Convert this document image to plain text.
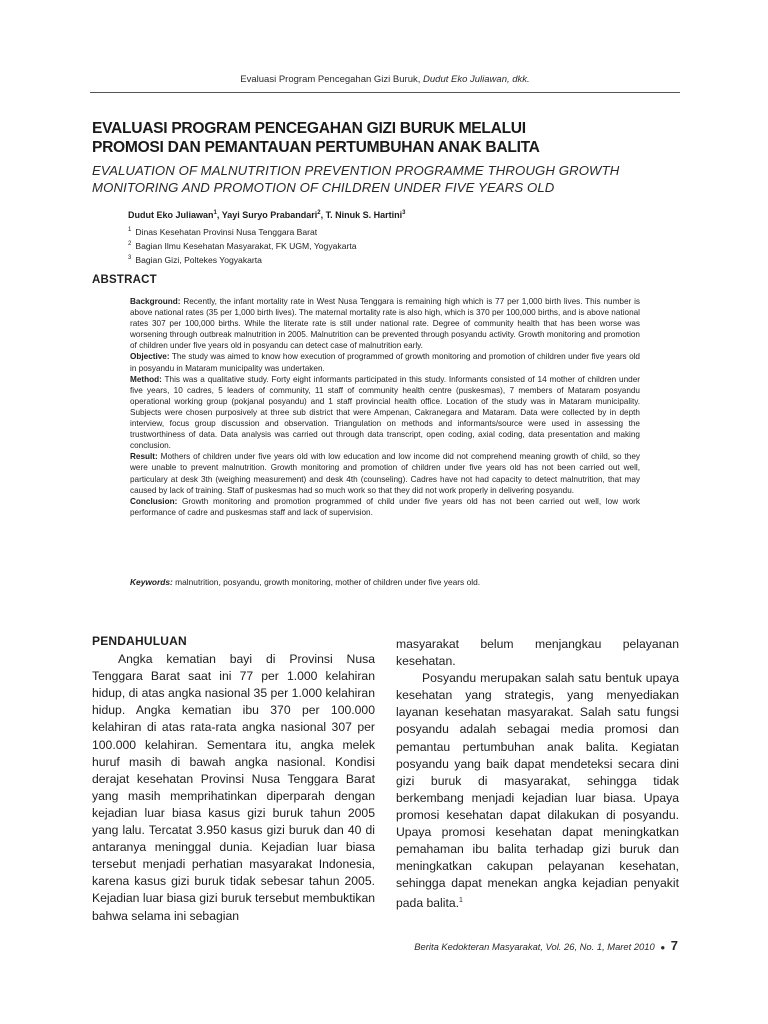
Evaluasi Program Pencegahan Gizi Buruk, Dudut Eko Juliawan, dkk.
EVALUASI PROGRAM PENCEGAHAN GIZI BURUK MELALUI
PROMOSI DAN PEMANTAUAN PERTUMBUHAN ANAK BALITA
EVALUATION OF MALNUTRITION PREVENTION PROGRAMME THROUGH GROWTH
MONITORING AND PROMOTION OF CHILDREN UNDER FIVE YEARS OLD
Dudut Eko Juliawan$^1$, Yayi Suryo Prabandari$^2$, T. Ninuk S. Hartini$^3$
$^1$ Dinas Kesehatan Provinsi Nusa Tenggara Barat
$^2$ Bagian Ilmu Kesehatan Masyarakat, FK UGM, Yogyakarta
$^3$ Bagian Gizi, Poltekes Yogyakarta
ABSTRACT

Background: Recently, the infant mortality rate in West Nusa Tenggara is remaining high which is 77 per 1,000 birth lives. This number is above national rates (35 per 1,000 birth lives). The maternal mortality rate is also high, which is 370 per 100,000 births, and is above national rates 307 per 100,000 births. While the literate rate is still under national rate. Degree of community health that has been worse was worsening through outbreak malnutrition in 2005. Malnutrition can be prevented through posyandu activity. Growth monitoring and promotion of children under five years old in posyandu can detect case of malnutrition early.

Objective: The study was aimed to know how execution of programmed of growth monitoring and promotion of children under five years old in posyandu in Mataram municipality was undertaken.

Method: This was a qualitative study. Forty eight informants participated in this study. Informants consisted of 14 mother of children under five years, 10 cadres, 5 leaders of community, 11 staff of community health centre (puskesmas), 7 members of Mataram posyandu operational working group (pokjanal posyandu) and 1 staff provincial health office. Location of the study was in Mataram municipality. Subjects were chosen purposively at three sub district that were Ampenan, Cakranegara and Mataram. Data were collected by in depth interview, focus group discussion and observation. Triangulation on methods and informants/source were used in assessing the trustworthiness of data. Data analysis was carried out through data transcript, open coding, axial coding, data presentation and making conclusion.

Result: Mothers of children under five years old with low education and low income did not comprehend meaning growth of child, so they were unable to prevent malnutrition. Growth monitoring and promotion of children under five years old has not been carried out well, particulary at desk 3th (weighing measurement) and desk 4th (counseling). Cadres have not had capacity to detect malnutrition, that may caused by lack of training. Staff of puskesmas had so much work so that they did not work properly in delivering posyandu.

Conclusion: Growth monitoring and promotion programmed of child under five years old has not been carried out well, low work performance of cadre and puskesmas staff and lack of supervision.

Keywords: malnutrition, posyandu, growth monitoring, mother of children under five years old.
PENDAHULUAN

Angka kematian bayi di Provinsi Nusa Tenggara Barat saat ini 77 per 1.000 kelahiran hidup, di atas angka nasional 35 per 1.000 kelahiran hidup. Angka kematian ibu 370 per 100.000 kelahiran di atas rata-rata angka nasional 307 per 100.000 kelahiran. Sementara itu, angka melek huruf masih di bawah angka nasional. Kondisi derajat kesehatan Provinsi Nusa Tenggara Barat yang masih memprihatinkan diperparah dengan kejadian luar biasa kasus gizi buruk tahun 2005 yang lalu. Tercatat 3.950 kasus gizi buruk dan 40 di antaranya meninggal dunia. Kejadian luar biasa tersebut menjadi perhatian masyarakat Indonesia, karena kasus gizi buruk tidak sebesar tahun 2005. Kejadian luar biasa gizi buruk tersebut membuktikan bahwa selama ini sebagian

masyarakat belum menjangkau pelayanan kesehatan.

Posyandu merupakan salah satu bentuk upaya kesehatan yang strategis, yang menyediakan layanan kesehatan masyarakat. Salah satu fungsi posyandu adalah sebagai media promosi dan pemantau pertumbuhan anak balita. Kegiatan posyandu yang baik dapat mendeteksi secara dini gizi buruk di masyarakat, sehingga tidak berkembang menjadi kejadian luar biasa. Upaya promosi kesehatan dapat dilakukan di posyandu. Upaya promosi kesehatan dapat meningkatkan pemahaman ibu balita terhadap gizi buruk dan meningkatkan cakupan pelayanan kesehatan, sehingga dapat menekan angka kejadian penyakit pada balita.$^1$

Berita Kedokteran Masyarakat, Vol. 26, No. 1, Maret 2010 ● 7
